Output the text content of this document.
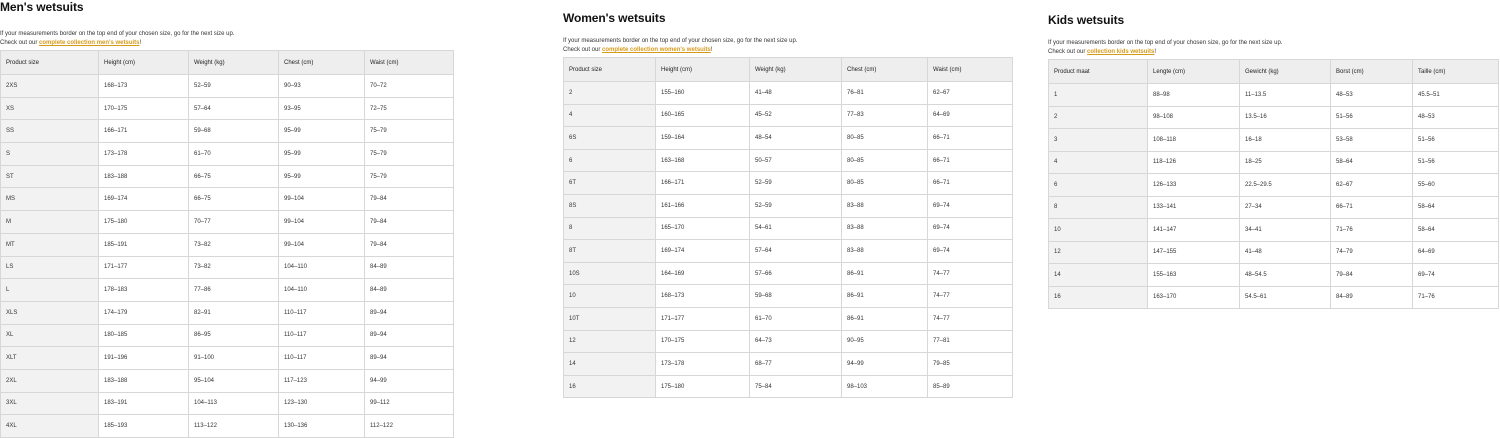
Men's wetsuits
If your measurements border on the top end of your chosen size, go for the next size up.
Check out our complete collection men's wetsuits!
Product size	Height (cm)	Weight (kg)	Chest (cm)	Waist (cm)
2XS	168–173	52–59	90–93	70–72
XS	170–175	57–64	93–95	72–75
SS	166–171	59–68	95–99	75–79
S	173–178	61–70	95–99	75–79
ST	183–188	66–75	95–99	75–79
MS	169–174	66–75	99–104	79–84
M	175–180	70–77	99–104	79–84
MT	185–191	73–82	99–104	79–84
LS	171–177	73–82	104–110	84–89
L	178–183	77–86	104–110	84–89
XLS	174–179	82–91	110–117	89–94
XL	180–185	86–95	110–117	89–94
XLT	191–196	91–100	110–117	89–94
2XL	183–188	95–104	117–123	94–99
3XL	183–191	104–113	123–130	99–112
4XL	185–193	113–122	130–136	112–122
Women's wetsuits
If your measurements border on the top end of your chosen size, go for the next size up.
Check out our complete collection women's wetsuits!
Product size	Height (cm)	Weight (kg)	Chest (cm)	Waist (cm)
2	155–160	41–48	76–81	62–67
4	160–165	45–52	77–83	64–69
6S	159–164	48–54	80–85	66–71
6	163–168	50–57	80–85	66–71
6T	166–171	52–59	80–85	66–71
8S	161–166	52–59	83–88	69–74
8	165–170	54–61	83–88	69–74
8T	169–174	57–64	83–88	69–74
10S	164–169	57–66	86–91	74–77
10	168–173	59–68	86–91	74–77
10T	171–177	61–70	86–91	74–77
12	170–175	64–73	90–95	77–81
14	173–178	68–77	94–99	79–85
16	175–180	75–84	98–103	85–89
Kids wetsuits
If your measurements border on the top end of your chosen size, go for the next size up.
Check out our collection kids wetsuits!
Product maat	Lengte (cm)	Gewicht (kg)	Borst (cm)	Taille (cm)
1	88–98	11–13.5	48–53	45.5–51
2	98–108	13.5–16	51–56	48–53
3	108–118	16–18	53–58	51–56
4	118–126	18–25	58–64	51–56
6	126–133	22.5–29.5	62–67	55–60
8	133–141	27–34	66–71	58–64
10	141–147	34–41	71–76	58–64
12	147–155	41–48	74–79	64–69
14	155–163	48–54.5	79–84	69–74
16	163–170	54.5–61	84–89	71–76
